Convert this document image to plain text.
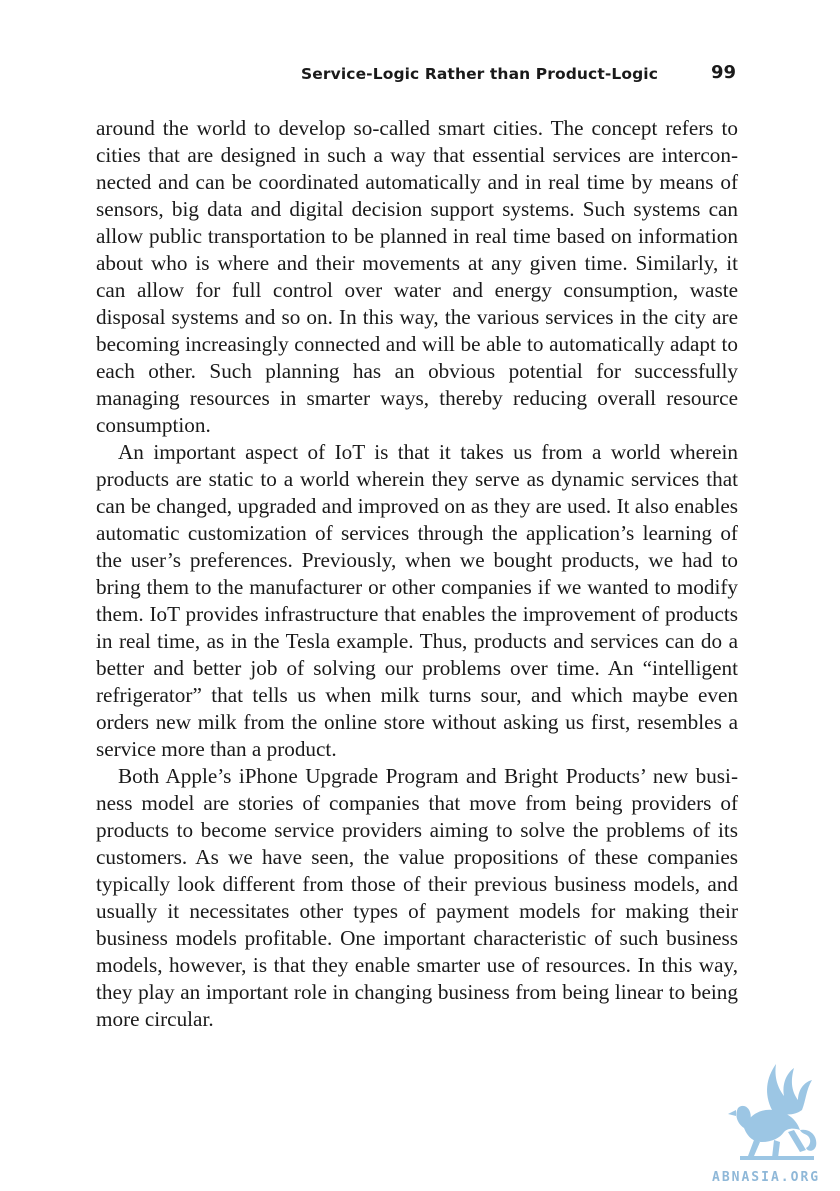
Service-Logic Rather than Product-Logic	99

around the world to develop so-called smart cities. The concept refers to cities that are designed in such a way that essential services are interconnected and can be coordinated automatically and in real time by means of sensors, big data and digital decision support systems. Such systems can allow public transportation to be planned in real time based on information about who is where and their movements at any given time. Similarly, it can allow for full control over water and energy consumption, waste disposal systems and so on. In this way, the various services in the city are becoming increasingly connected and will be able to automatically adapt to each other. Such planning has an obvious potential for successfully managing resources in smarter ways, thereby reducing overall resource consumption.

An important aspect of IoT is that it takes us from a world wherein products are static to a world wherein they serve as dynamic services that can be changed, upgraded and improved on as they are used. It also enables automatic customization of services through the application’s learning of the user’s preferences. Previously, when we bought products, we had to bring them to the manufacturer or other companies if we wanted to modify them. IoT provides infrastructure that enables the improvement of products in real time, as in the Tesla example. Thus, products and services can do a better and better job of solving our problems over time. An “intelligent refrigerator” that tells us when milk turns sour, and which maybe even orders new milk from the online store without asking us first, resembles a service more than a product.

Both Apple’s iPhone Upgrade Program and Bright Products’ new business model are stories of companies that move from being providers of products to become service providers aiming to solve the problems of its customers. As we have seen, the value propositions of these companies typically look different from those of their previous business models, and usually it necessitates other types of payment models for making their business models profitable. One important characteristic of such business models, however, is that they enable smarter use of resources. In this way, they play an important role in changing business from being linear to being more circular.

ABNASIA.ORG
